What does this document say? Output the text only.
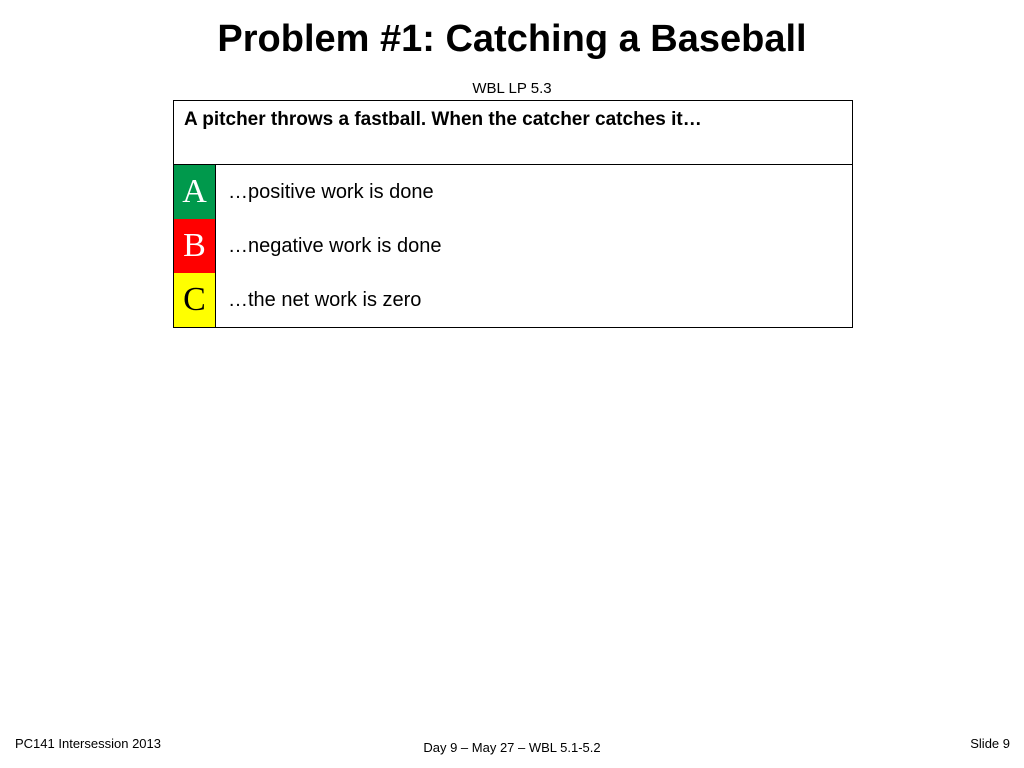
Problem #1: Catching a Baseball
WBL LP 5.3
A pitcher throws a fastball. When the catcher catches it…
A	…positive work is done
B	…negative work is done
C	…the net work is zero
PC141 Intersession 2013	Day 9 – May 27 – WBL 5.1-5.2	Slide 9
